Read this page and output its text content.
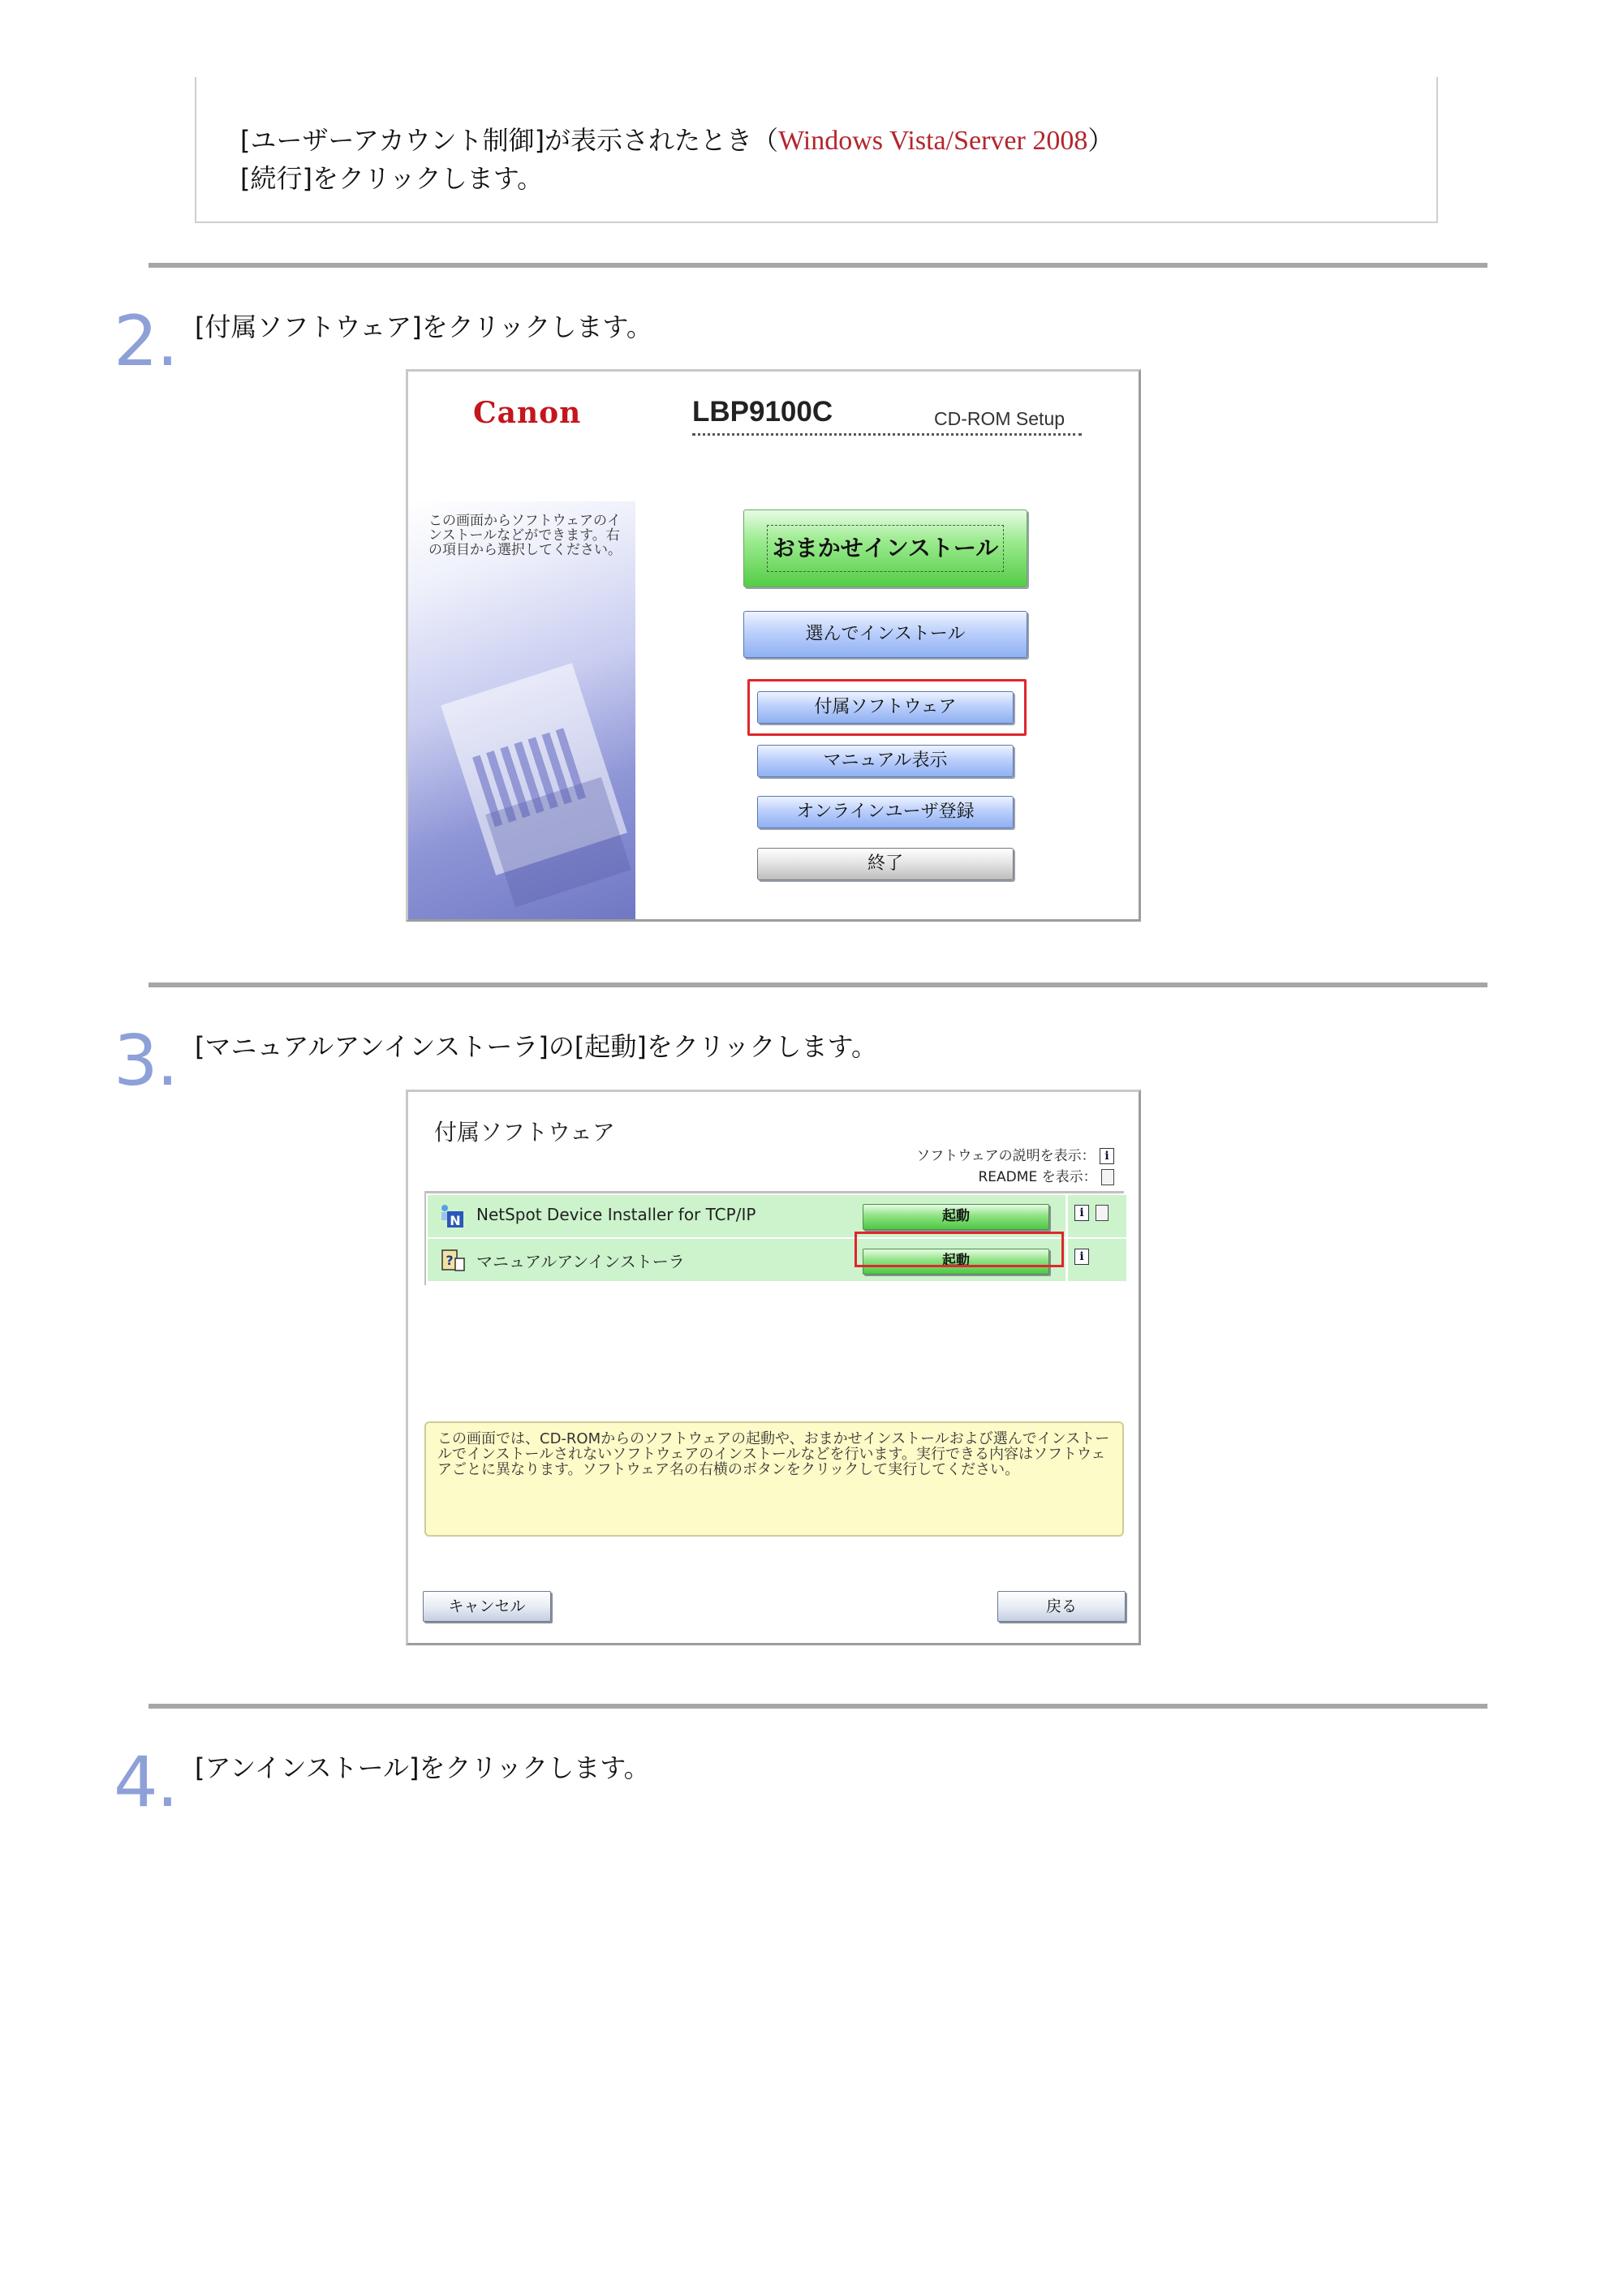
[ユーザーアカウント制御]が表示されたとき（Windows Vista/Server 2008）
[続行]をクリックします。
2. [付属ソフトウェア]をクリックします。
Canon	LBP9100C	CD-ROM Setup
この画面からソフトウェアのインストールなどができます。右の項目から選択してください。	おまかせインストール
選んでインストール
付属ソフトウェア
マニュアル表示
オンラインユーザ登録
終了
3. [マニュアルアンインストーラ]の[起動]をクリックします。
付属ソフトウェア
ソフトウェアの説明を表示： i
README を表示：
N NetSpot Device Installer for TCP/IP	起動	i
? マニュアルアンインストーラ	起動	i
この画面では、CD-ROMからのソフトウェアの起動や、おまかせインストールおよび選んでインストールでインストールされないソフトウェアのインストールなどを行います。実行できる内容はソフトウェアごとに異なります。ソフトウェア名の右横のボタンをクリックして実行してください。
キャンセル	戻る
4. [アンインストール]をクリックします。
